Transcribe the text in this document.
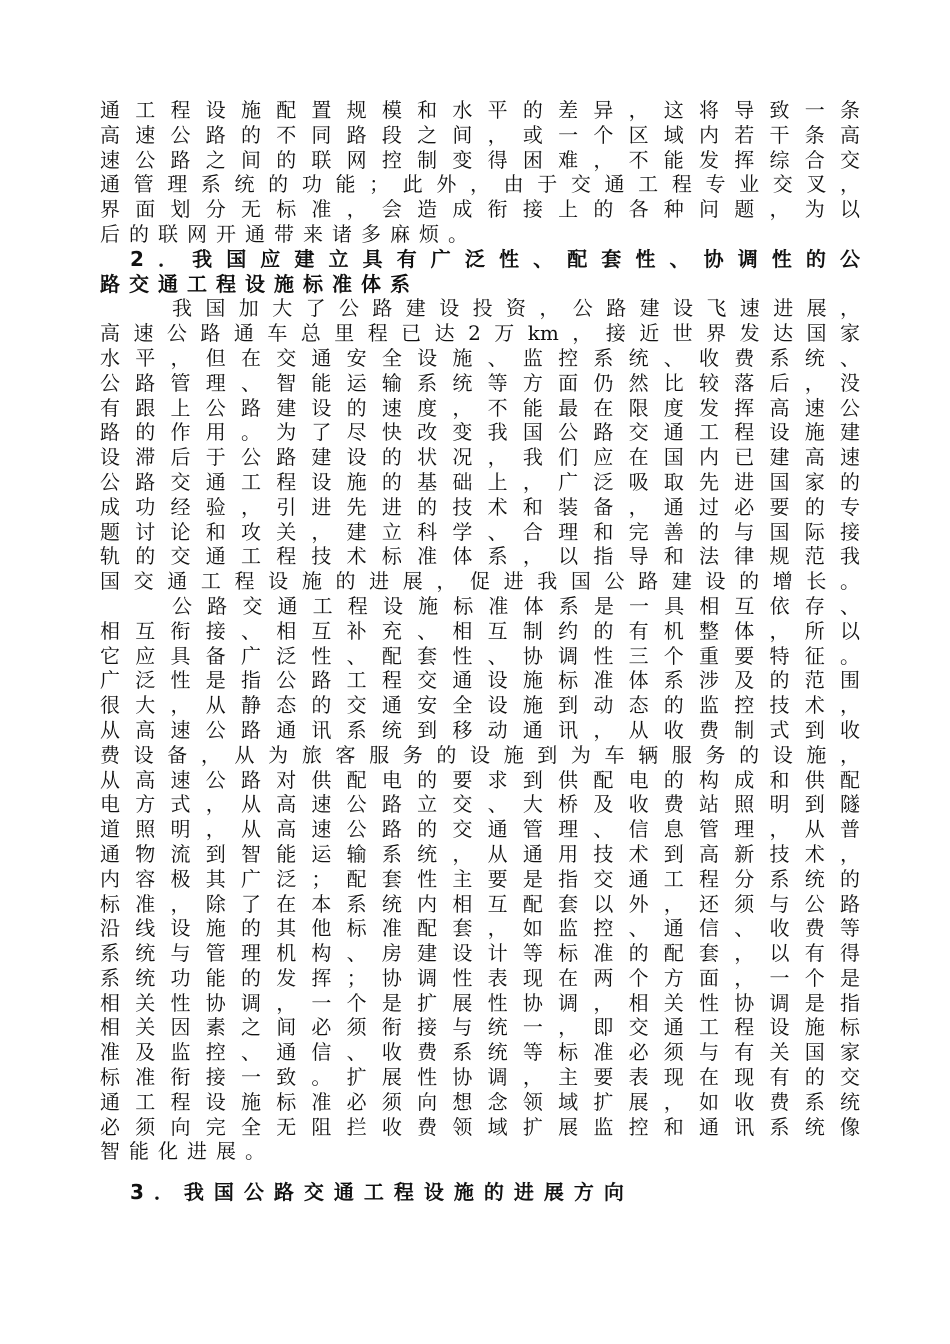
通工程设施配置规模和水平的差异，这将导致一条
高速公路的不同路段之间，或一个区域内若干条高
速公路之间的联网控制变得困难，不能发挥综合交
通管理系统的功能；此外，由于交通工程专业交叉，
界面划分无标准，会造成衔接上的各种问题，为以
后的联网开通带来诸多麻烦。
2．我国应建立具有广泛性、配套性、协调性的公
路交通工程设施标准体系
我国加大了公路建设投资，公路建设飞速进展，
高速公路通车总里程已达2万km，接近世界发达国家
水平，但在交通安全设施、监控系统、收费系统、
公路管理、智能运输系统等方面仍然比较落后，没
有跟上公路建设的速度，不能最在限度发挥高速公
路的作用。为了尽快改变我国公路交通工程设施建
设滞后于公路建设的状况，我们应在国内已建高速
公路交通工程设施的基础上，广泛吸取先进国家的
成功经验，引进先进的技术和装备，通过必要的专
题讨论和攻关，建立科学、合理和完善的与国际接
轨的交通工程技术标准体系，以指导和法律规范我
国交通工程设施的进展，促进我国公路建设的增长。
公路交通工程设施标准体系是一具相互依存、
相互衔接、相互补充、相互制约的有机整体，所以
它应具备广泛性、配套性、协调性三个重要特征。
广泛性是指公路工程交通设施标准体系涉及的范围
很大，从静态的交通安全设施到动态的监控技术，
从高速公路通讯系统到移动通讯，从收费制式到收
费设备，从为旅客服务的设施到为车辆服务的设施，
从高速公路对供配电的要求到供配电的构成和供配
电方式，从高速公路立交、大桥及收费站照明到隧
道照明，从高速公路的交通管理、信息管理，从普
通物流到智能运输系统，从通用技术到高新技术，
内容极其广泛；配套性主要是指交通工程分系统的
标准，除了在本系统内相互配套以外，还须与公路
沿线设施的其他标准配套，如监控、通信、收费等
系统与管理机构、房建设计等标准的配套，以有得
系统功能的发挥；协调性表现在两个方面，一个是
相关性协调，一个是扩展性协调，相关性协调是指
相关因素之间必须衔接与统一，即交通工程设施标
准及监控、通信、收费系统等标准必须与有关国家
标准衔接一致。扩展性协调，主要表现在现有的交
通工程设施标准必须向想念领域扩展，如收费系统
必须向完全无阻拦收费领域扩展监控和通讯系统像
智能化进展。
3．我国公路交通工程设施的进展方向
